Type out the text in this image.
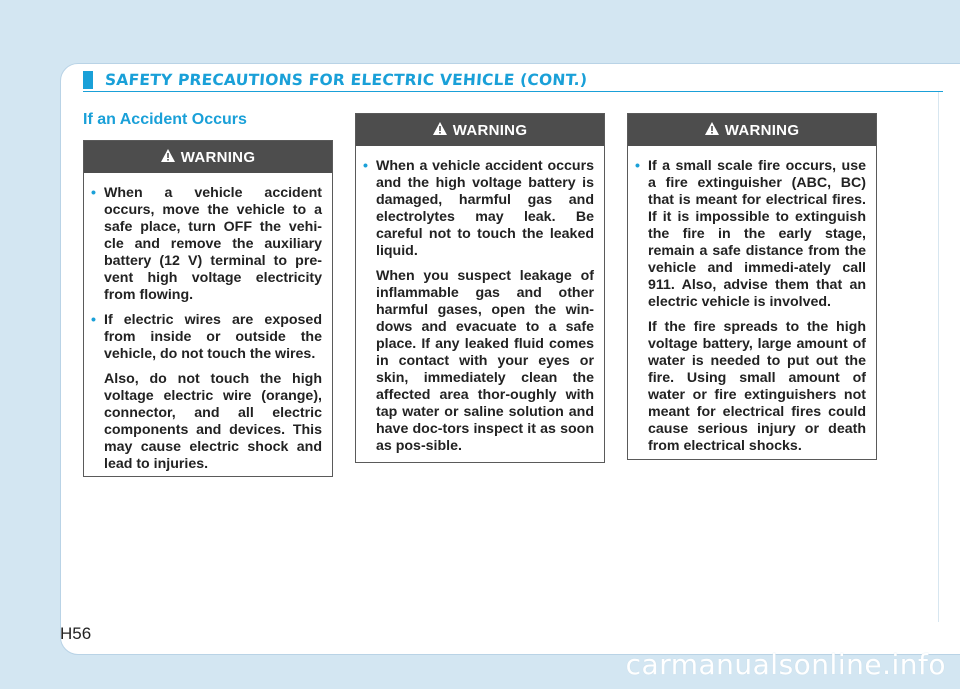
SAFETY PRECAUTIONS FOR ELECTRIC VEHICLE (CONT.)
If an Accident Occurs
WARNING

• When a vehicle accident occurs, move the vehicle to a safe place, turn OFF the vehi-cle and remove the auxiliary battery (12 V) terminal to pre-vent high voltage electricity from flowing.

• If electric wires are exposed from inside or outside the vehicle, do not touch the wires.

Also, do not touch the high voltage electric wire (orange), connector, and all electric components and devices. This may cause electric shock and lead to injuries.

WARNING

• When a vehicle accident occurs and the high voltage battery is damaged, harmful gas and electrolytes may leak. Be careful not to touch the leaked liquid.

When you suspect leakage of inflammable gas and other harmful gases, open the win-dows and evacuate to a safe place. If any leaked fluid comes in contact with your eyes or skin, immediately clean the affected area thor-oughly with tap water or saline solution and have doc-tors inspect it as soon as pos-sible.

WARNING

• If a small scale fire occurs, use a fire extinguisher (ABC, BC) that is meant for electrical fires. If it is impossible to extinguish the fire in the early stage, remain a safe distance from the vehicle and immedi-ately call 911. Also, advise them that an electric vehicle is involved.

If the fire spreads to the high voltage battery, large amount of water is needed to put out the fire. Using small amount of water or fire extinguishers not meant for electrical fires could cause serious injury or death from electrical shocks.

H56
carmanualsonline.info
